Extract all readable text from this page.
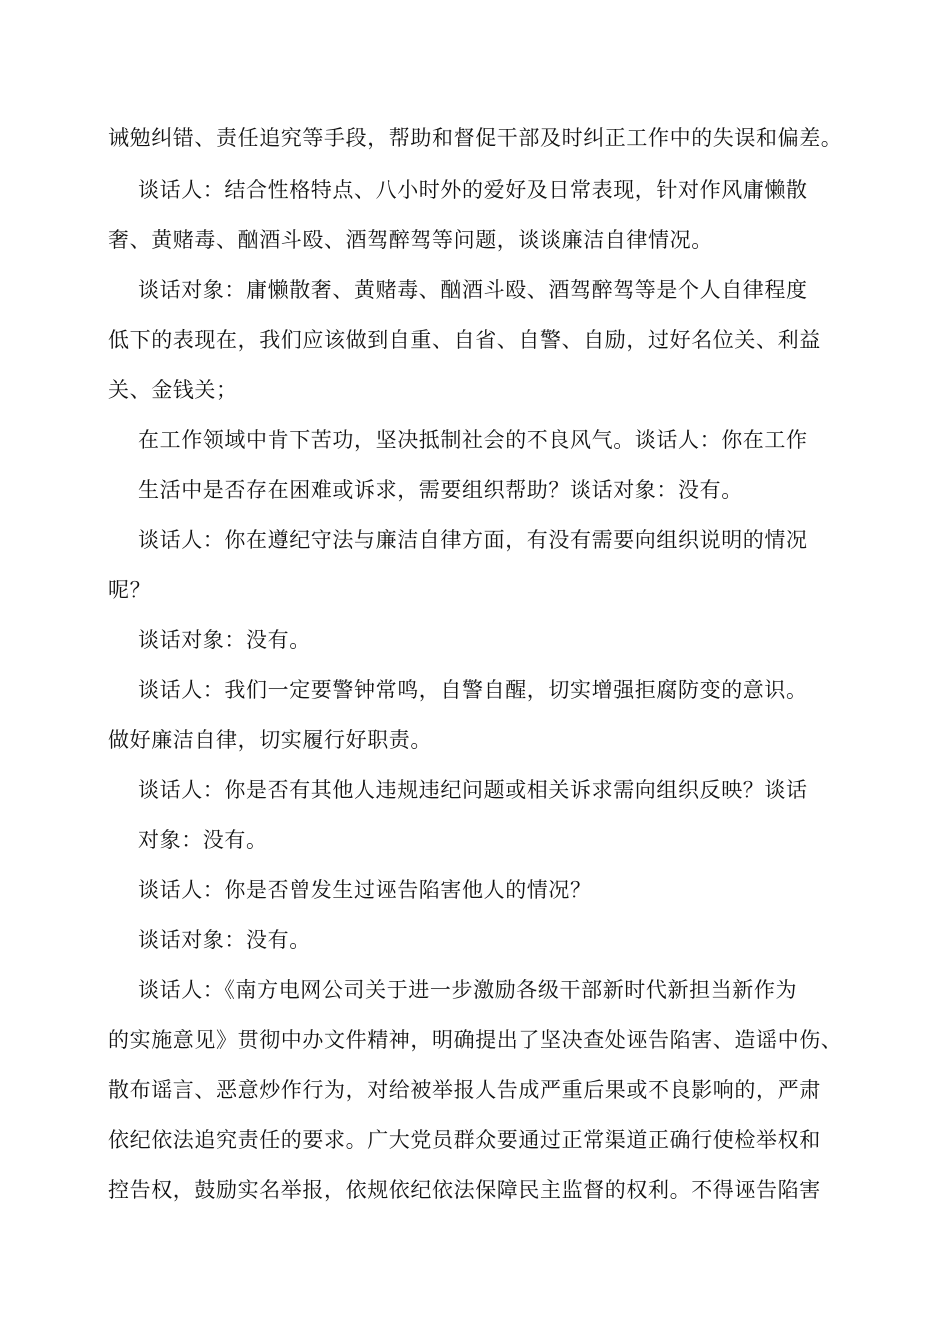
诫勉纠错、责任追究等手段，帮助和督促干部及时纠正工作中的失误和偏差。
谈话人：结合性格特点、八小时外的爱好及日常表现，针对作风庸懒散
奢、黄赌毒、酗酒斗殴、酒驾醉驾等问题，谈谈廉洁自律情况。
谈话对象：庸懒散奢、黄赌毒、酗酒斗殴、酒驾醉驾等是个人自律程度
低下的表现在，我们应该做到自重、自省、自警、自励，过好名位关、利益
关、金钱关；
在工作领域中肯下苦功，坚决抵制社会的不良风气。谈话人：你在工作
生活中是否存在困难或诉求，需要组织帮助？谈话对象：没有。
谈话人：你在遵纪守法与廉洁自律方面，有没有需要向组织说明的情况
呢？
谈话对象：没有。
谈话人：我们一定要警钟常鸣，自警自醒，切实增强拒腐防变的意识。
做好廉洁自律，切实履行好职责。
谈话人：你是否有其他人违规违纪问题或相关诉求需向组织反映？谈话
对象：没有。
谈话人：你是否曾发生过诬告陷害他人的情况？
谈话对象：没有。
谈话人：《南方电网公司关于进一步激励各级干部新时代新担当新作为
的实施意见》贯彻中办文件精神，明确提出了坚决查处诬告陷害、造谣中伤、
散布谣言、恶意炒作行为，对给被举报人告成严重后果或不良影响的，严肃
依纪依法追究责任的要求。广大党员群众要通过正常渠道正确行使检举权和
控告权，鼓励实名举报，依规依纪依法保障民主监督的权利。不得诬告陷害
